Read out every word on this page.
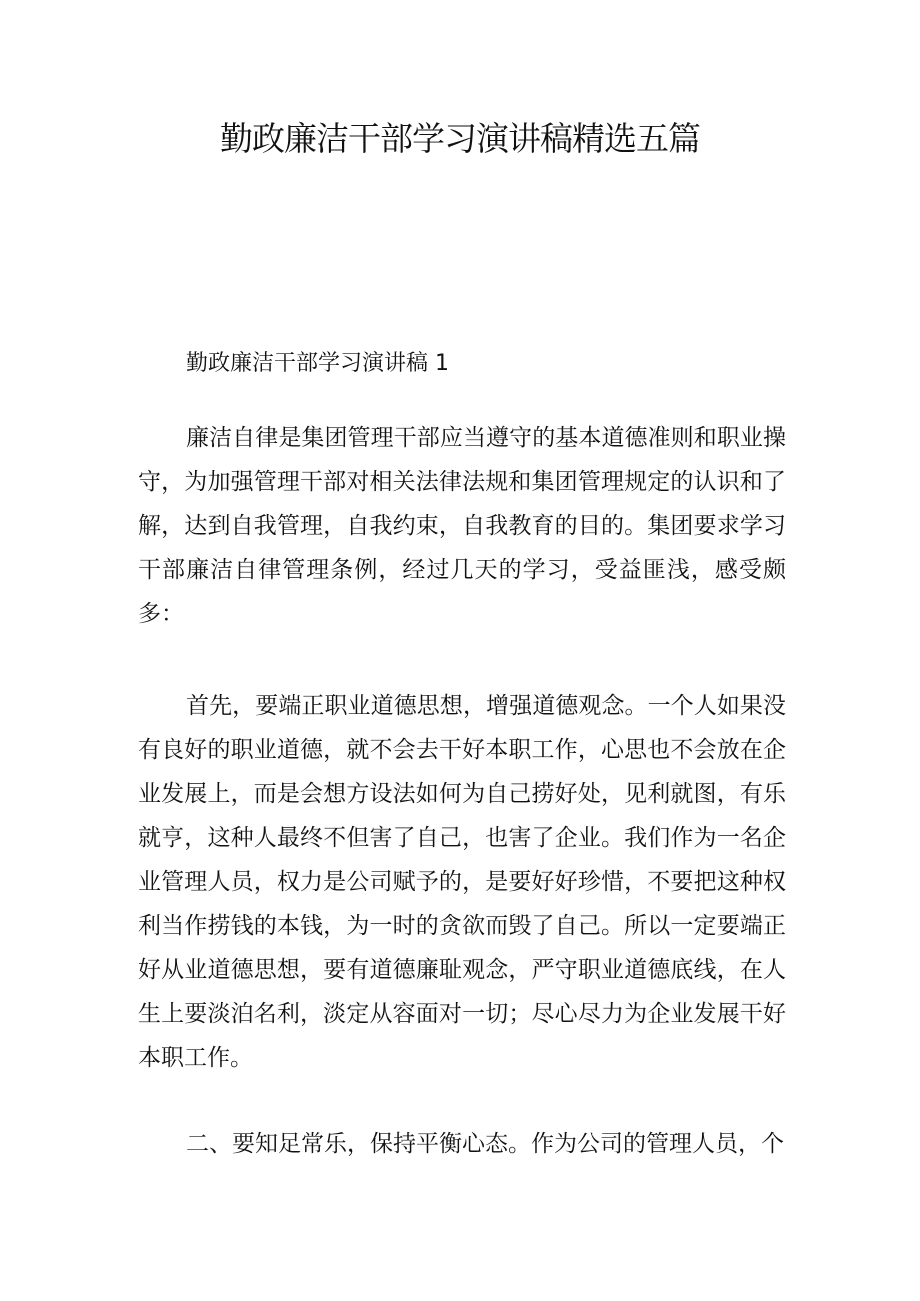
勤政廉洁干部学习演讲稿精选五篇

勤政廉洁干部学习演讲稿 1

廉洁自律是集团管理干部应当遵守的基本道德准则和职业操守，为加强管理干部对相关法律法规和集团管理规定的认识和了解，达到自我管理，自我约束，自我教育的目的。集团要求学习干部廉洁自律管理条例，经过几天的学习，受益匪浅，感受颇多：

首先，要端正职业道德思想，增强道德观念。一个人如果没有良好的职业道德，就不会去干好本职工作，心思也不会放在企业发展上，而是会想方设法如何为自己捞好处，见利就图，有乐就亨，这种人最终不但害了自己，也害了企业。我们作为一名企业管理人员，权力是公司赋予的，是要好好珍惜，不要把这种权利当作捞钱的本钱，为一时的贪欲而毁了自己。所以一定要端正好从业道德思想，要有道德廉耻观念，严守职业道德底线，在人生上要淡泊名利，淡定从容面对一切；尽心尽力为企业发展干好本职工作。

二、要知足常乐，保持平衡心态。作为公司的管理人员，个
